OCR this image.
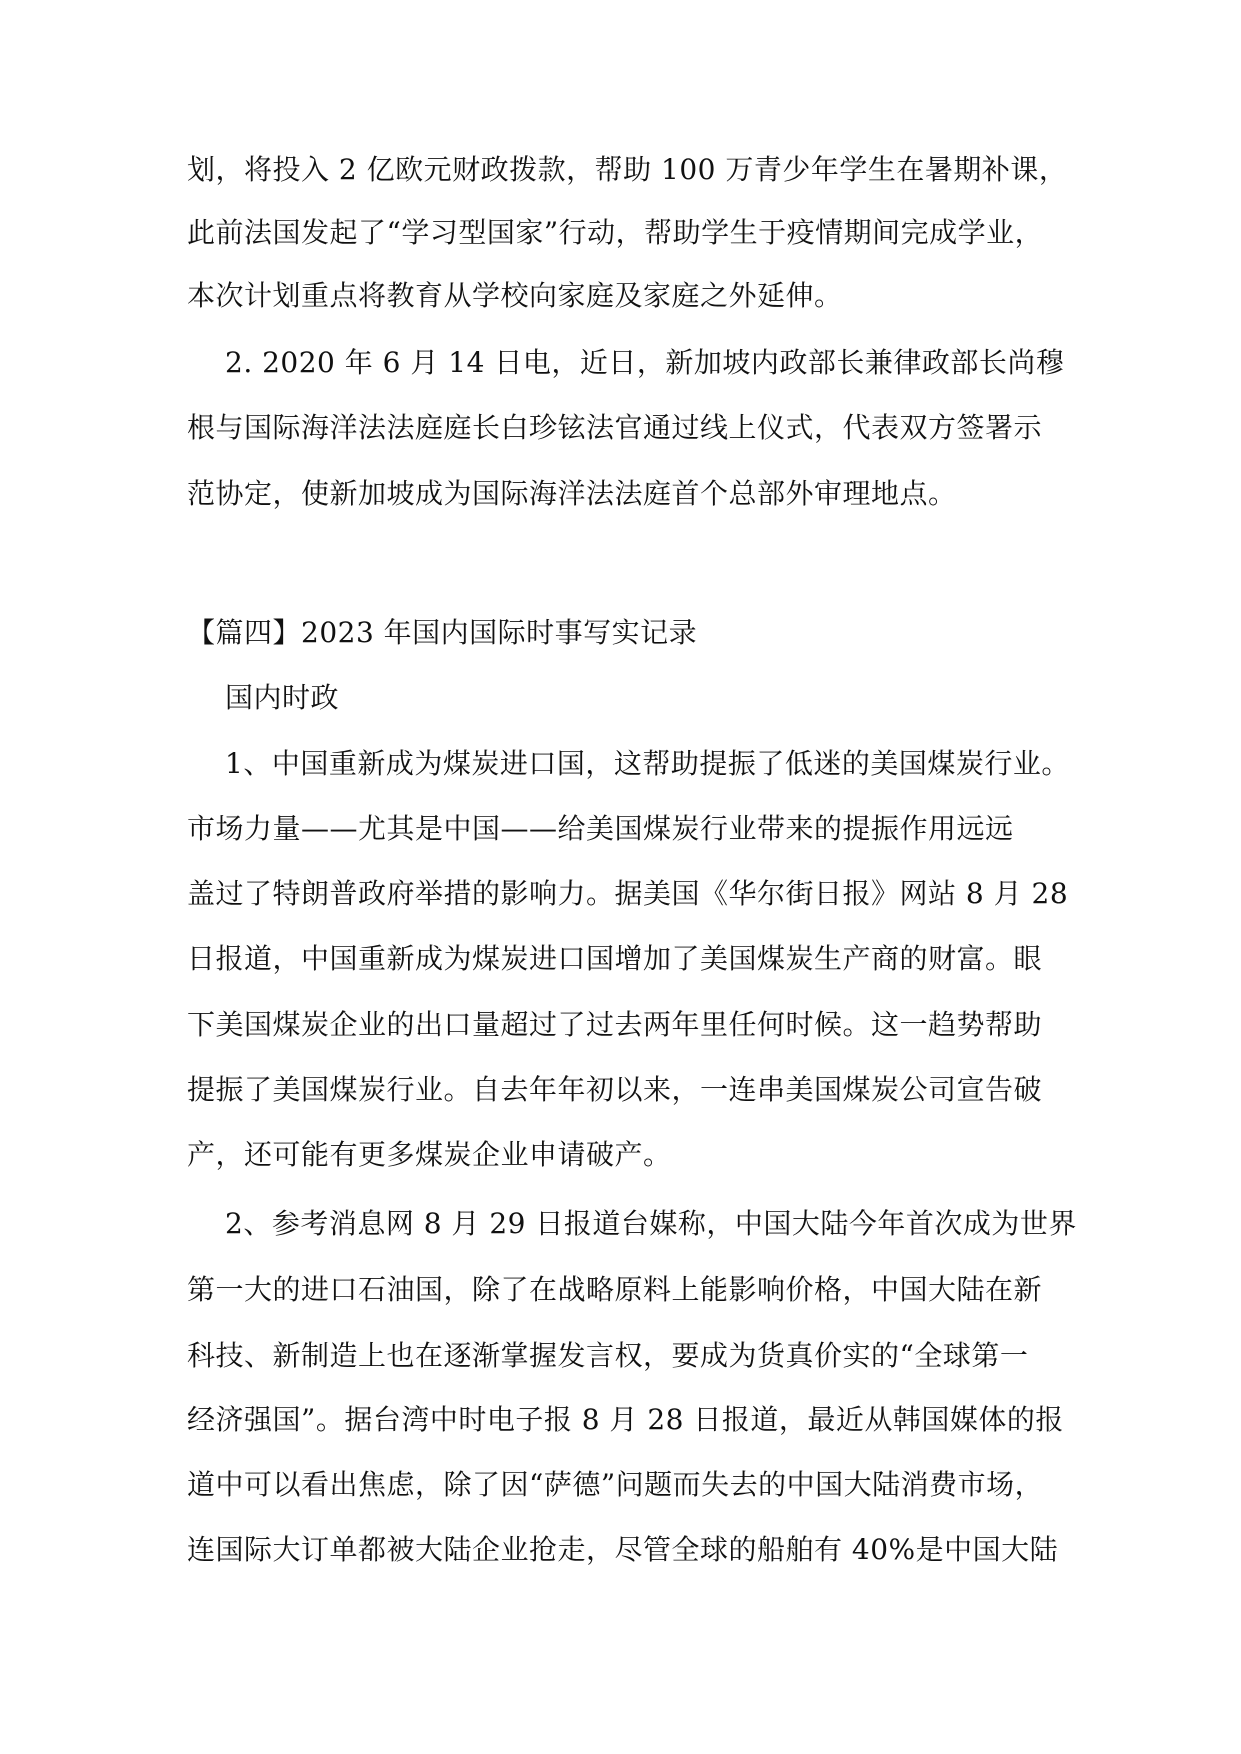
划，将投入 2 亿欧元财政拨款，帮助 100 万青少年学生在暑期补课，
此前法国发起了“学习型国家”行动，帮助学生于疫情期间完成学业，
本次计划重点将教育从学校向家庭及家庭之外延伸。
2. 2020 年 6 月 14 日电，近日，新加坡内政部长兼律政部长尚穆
根与国际海洋法法庭庭长白珍铉法官通过线上仪式，代表双方签署示
范协定，使新加坡成为国际海洋法法庭首个总部外审理地点。
【篇四】2023 年国内国际时事写实记录
国内时政
1、中国重新成为煤炭进口国，这帮助提振了低迷的美国煤炭行业。
市场力量——尤其是中国——给美国煤炭行业带来的提振作用远远
盖过了特朗普政府举措的影响力。据美国《华尔街日报》网站 8 月 28
日报道，中国重新成为煤炭进口国增加了美国煤炭生产商的财富。眼
下美国煤炭企业的出口量超过了过去两年里任何时候。这一趋势帮助
提振了美国煤炭行业。自去年年初以来，一连串美国煤炭公司宣告破
产，还可能有更多煤炭企业申请破产。
2、参考消息网 8 月 29 日报道台媒称，中国大陆今年首次成为世界
第一大的进口石油国，除了在战略原料上能影响价格，中国大陆在新
科技、新制造上也在逐渐掌握发言权，要成为货真价实的“全球第一
经济强国”。据台湾中时电子报 8 月 28 日报道，最近从韩国媒体的报
道中可以看出焦虑，除了因“萨德”问题而失去的中国大陆消费市场，
连国际大订单都被大陆企业抢走，尽管全球的船舶有 40%是中国大陆
